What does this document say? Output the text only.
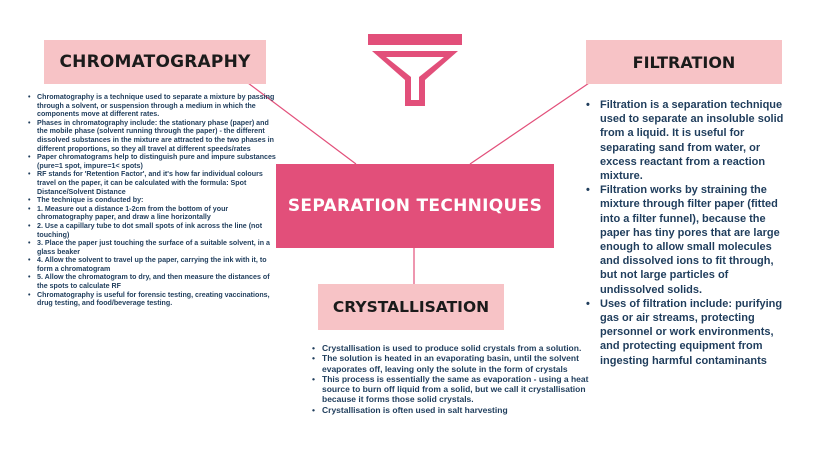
CHROMATOGRAPHY	FILTRATION
SEPARATION TECHNIQUES
CRYSTALLISATION
• Chromatography is a technique used to separate a mixture by passing through a solvent, or suspension through a medium in which the components move at different rates.
• Phases in chromatography include: the stationary phase (paper) and the mobile phase (solvent running through the paper) - the different dissolved substances in the mixture are attracted to the two phases in different proportions, so they all travel at different speeds/rates
• Paper chromatograms help to distinguish pure and impure substances (pure=1 spot, impure=1< spots)
• RF stands for 'Retention Factor', and it's how far individual colours travel on the paper, it can be calculated with the formula: Spot Distance/Solvent Distance
• The technique is conducted by:
• 1. Measure out a distance 1-2cm from the bottom of your chromatography paper, and draw a line horizontally
• 2. Use a capillary tube to dot small spots of ink across the line (not touching)
• 3. Place the paper just touching the surface of a suitable solvent, in a glass beaker
• 4. Allow the solvent to travel up the paper, carrying the ink with it, to form a chromatogram
• 5. Allow the chromatogram to dry, and then measure the distances of the spots to calculate RF
• Chromatography is useful for forensic testing, creating vaccinations, drug testing, and food/beverage testing.
• Filtration is a separation technique used to separate an insoluble solid from a liquid. It is useful for separating sand from water, or excess reactant from a reaction mixture.
• Filtration works by straining the mixture through filter paper (fitted into a filter funnel), because the paper has tiny pores that are large enough to allow small molecules and dissolved ions to fit through, but not large particles of undissolved solids.
• Uses of filtration include: purifying gas or air streams, protecting personnel or work environments, and protecting equipment from ingesting harmful contaminants
• Crystallisation is used to produce solid crystals from a solution.
• The solution is heated in an evaporating basin, until the solvent evaporates off, leaving only the solute in the form of crystals
• This process is essentially the same as evaporation - using a heat source to burn off liquid from a solid, but we call it crystallisation because it forms those solid crystals.
• Crystallisation is often used in salt harvesting
